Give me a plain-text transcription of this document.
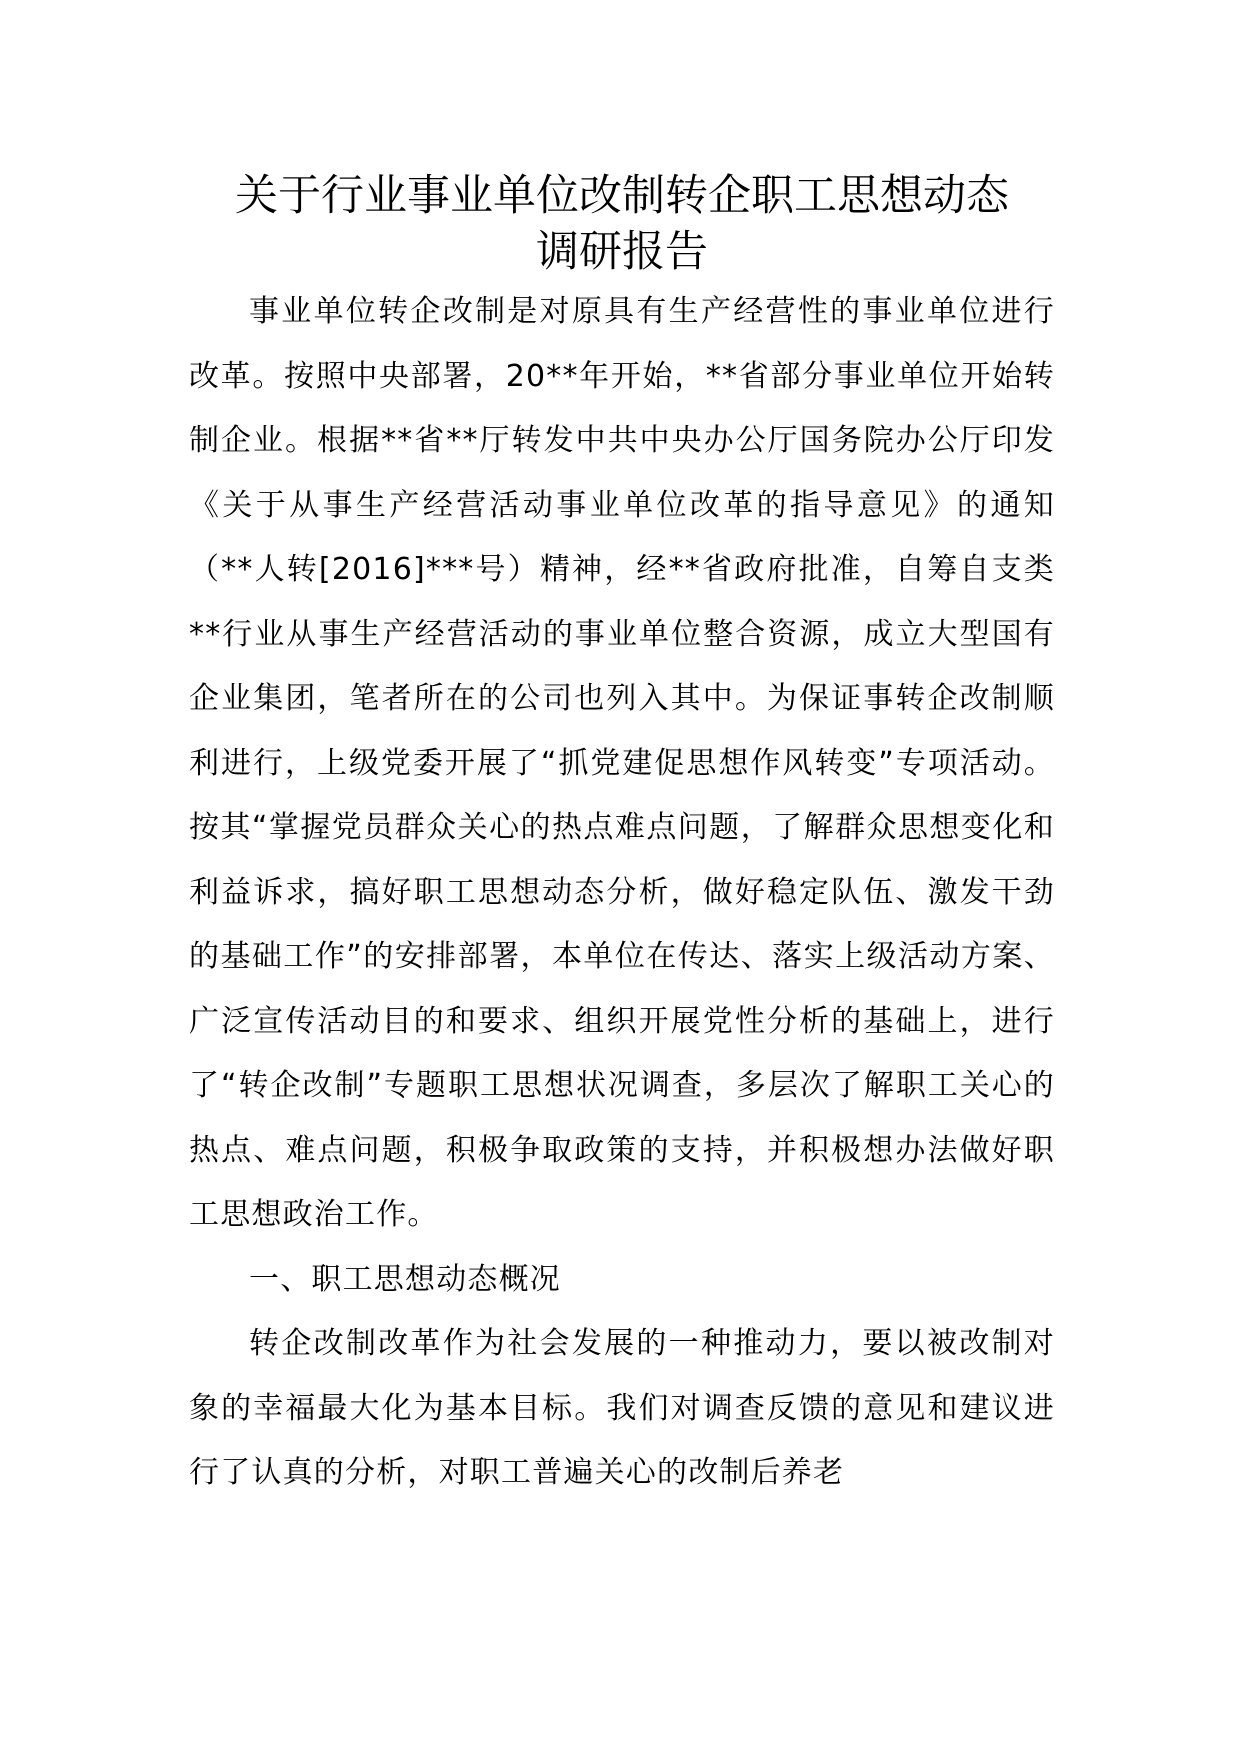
关于行业事业单位改制转企职工思想动态
调研报告

事业单位转企改制是对原具有生产经营性的事业单位进行改革。按照中央部署，20**年开始，**省部分事业单位开始转制企业。根据**省**厅转发中共中央办公厅国务院办公厅印发《关于从事生产经营活动事业单位改革的指导意见》的通知（**人转[2016]***号）精神，经**省政府批准，自筹自支类**行业从事生产经营活动的事业单位整合资源，成立大型国有企业集团，笔者所在的公司也列入其中。为保证事转企改制顺利进行，上级党委开展了“抓党建促思想作风转变”专项活动。按其“掌握党员群众关心的热点难点问题，了解群众思想变化和利益诉求，搞好职工思想动态分析，做好稳定队伍、激发干劲的基础工作”的安排部署，本单位在传达、落实上级活动方案、广泛宣传活动目的和要求、组织开展党性分析的基础上，进行了“转企改制”专题职工思想状况调查，多层次了解职工关心的热点、难点问题，积极争取政策的支持，并积极想办法做好职工思想政治工作。

一、职工思想动态概况

转企改制改革作为社会发展的一种推动力，要以被改制对象的幸福最大化为基本目标。我们对调查反馈的意见和建议进行了认真的分析，对职工普遍关心的改制后养老
